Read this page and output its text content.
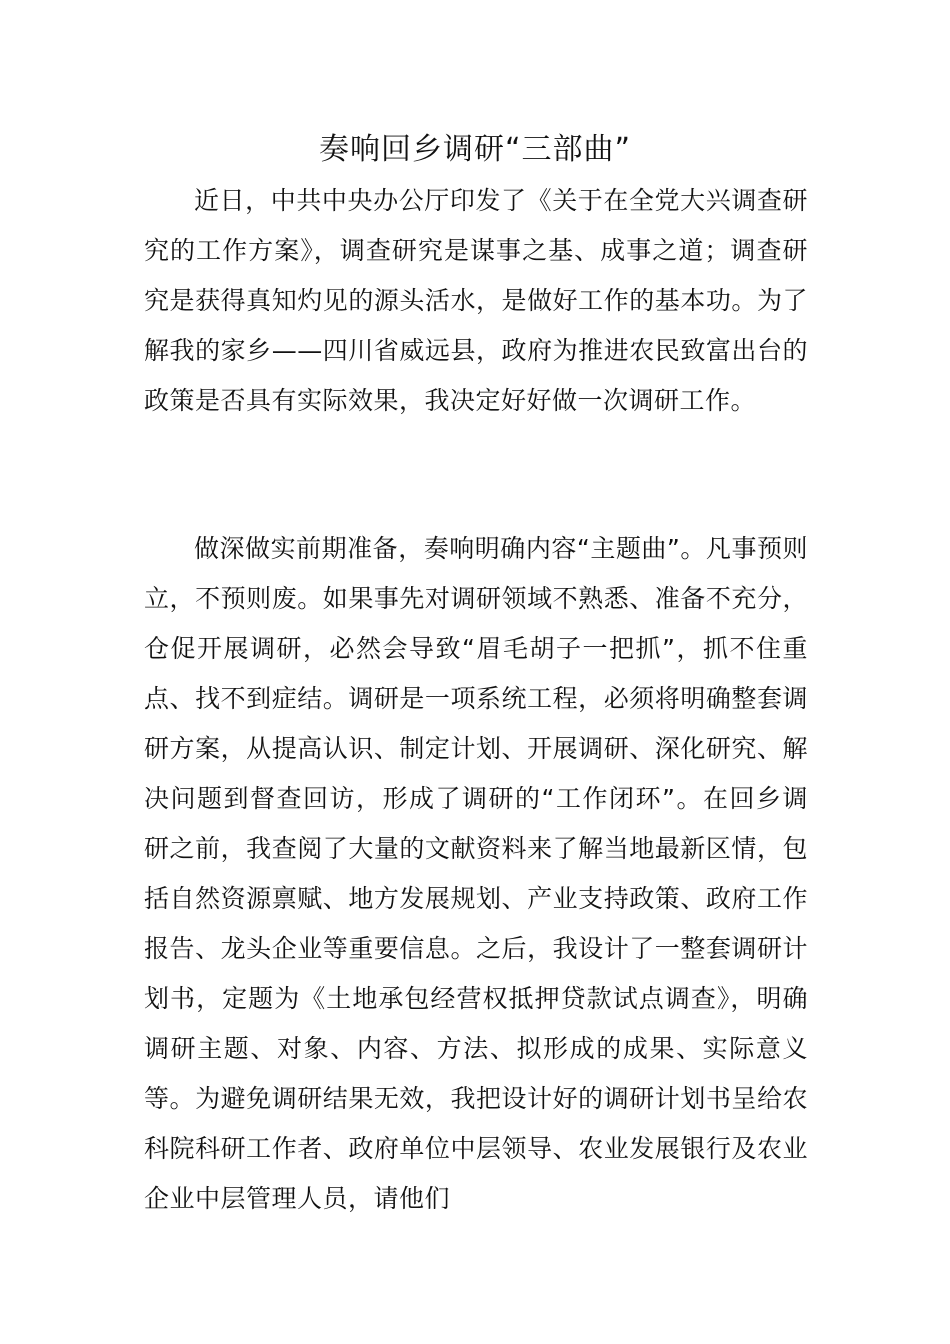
奏响回乡调研“三部曲”

近日，中共中央办公厅印发了《关于在全党大兴调查研究的工作方案》，调查研究是谋事之基、成事之道；调查研究是获得真知灼见的源头活水，是做好工作的基本功。为了解我的家乡——四川省威远县，政府为推进农民致富出台的政策是否具有实际效果，我决定好好做一次调研工作。

做深做实前期准备，奏响明确内容“主题曲”。凡事预则立，不预则废。如果事先对调研领域不熟悉、准备不充分，仓促开展调研，必然会导致“眉毛胡子一把抓”，抓不住重点、找不到症结。调研是一项系统工程，必须将明确整套调研方案，从提高认识、制定计划、开展调研、深化研究、解决问题到督查回访，形成了调研的“工作闭环”。在回乡调研之前，我查阅了大量的文献资料来了解当地最新区情，包括自然资源禀赋、地方发展规划、产业支持政策、政府工作报告、龙头企业等重要信息。之后，我设计了一整套调研计划书，定题为《土地承包经营权抵押贷款试点调查》，明确调研主题、对象、内容、方法、拟形成的成果、实际意义等。为避免调研结果无效，我把设计好的调研计划书呈给农科院科研工作者、政府单位中层领导、农业发展银行及农业企业中层管理人员，请他们
